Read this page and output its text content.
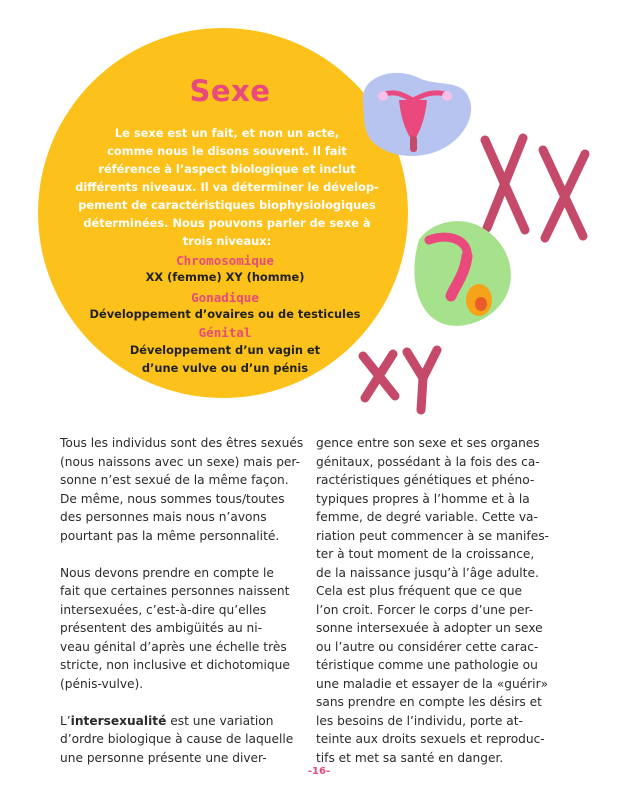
Sexe
Le sexe est un fait, et non un acte,
comme nous le disons souvent. Il fait
référence à l’aspect biologique et inclut
différents niveaux. Il va déterminer le dévelop-
pement de caractéristiques biophysiologiques
déterminées. Nous pouvons parler de sexe à
trois niveaux:
Chromosomique
XX (femme) XY (homme)
Gonadique
Développement d’ovaires ou de testicules
Génital
Développement d’un vagin et
d’une vulve ou d’un pénis
Tous les individus sont des êtres sexués
(nous naissons avec un sexe) mais per-
sonne n’est sexué de la même façon.
De même, nous sommes tous/toutes
des personnes mais nous n’avons
pourtant pas la même personnalité.
Nous devons prendre en compte le
fait que certaines personnes naissent
intersexuées, c’est-à-dire qu’elles
présentent des ambigüités au ni-
veau génital d’après une échelle très
stricte, non inclusive et dichotomique
(pénis-vulve).
L’intersexualité est une variation
d’ordre biologique à cause de laquelle
une personne présente une diver-
gence entre son sexe et ses organes
génitaux, possédant à la fois des ca-
ractéristiques génétiques et phéno-
typiques propres à l’homme et à la
femme, de degré variable. Cette va-
riation peut commencer à se manifes-
ter à tout moment de la croissance,
de la naissance jusqu’à l’âge adulte.
Cela est plus fréquent que ce que
l’on croit. Forcer le corps d’une per-
sonne intersexuée à adopter un sexe
ou l’autre ou considérer cette carac-
téristique comme une pathologie ou
une maladie et essayer de la «guérir»
sans prendre en compte les désirs et
les besoins de l’individu, porte at-
teinte aux droits sexuels et reproduc-
tifs et met sa santé en danger.
-16-
